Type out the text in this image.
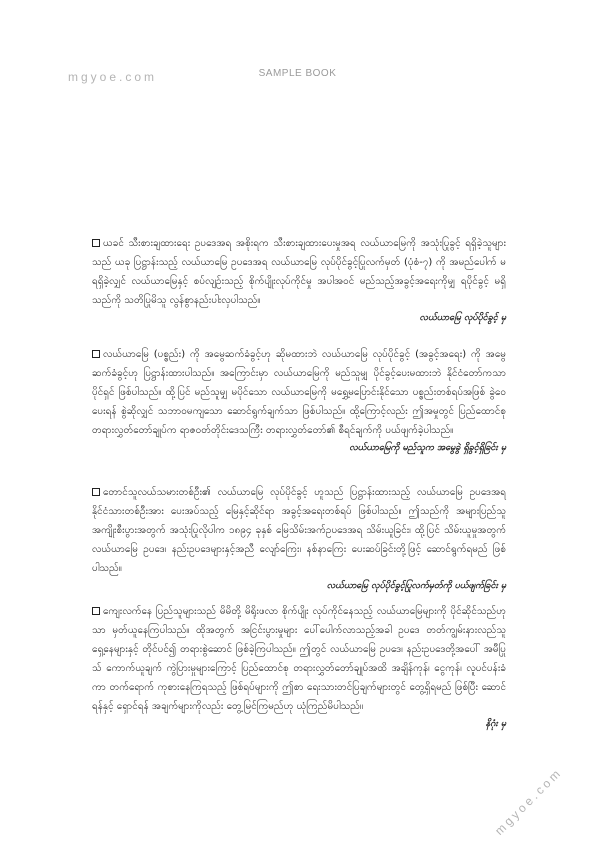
mgyoe.com	SAMPLE BOOK

ယခင် သီးစားချထားရေး ဥပဒေအရ အစိုးရက သီးစားချထားပေးမှုအရ လယ်ယာမြေကို အသုံးပြုခွင့် ရရှိခဲ့သူများသည် ယခု ပြဋ္ဌာန်းသည့် လယ်ယာမြေ ဥပဒေအရ လယ်ယာမြေ လုပ်ပိုင်ခွင့်ပြုလက်မှတ် (ပုံစံ-၇) ကို အမည်ပေါက် မရရှိခဲ့လျှင် လယ်ယာမြေနှင့် စပ်လျဉ်းသည့် စိုက်ပျိုးလုပ်ကိုင်မှု အပါအဝင် မည်သည့်အခွင့်အရေးကိုမျှ ရပိုင်ခွင့် မရှိသည်ကို သတိပြုမိသူ လွန်စွာနည်းပါးလှပါသည်။

လယ်ယာမြေ လုပ်ပိုင်ခွင့် မှ

လယ်ယာမြေ (ပစ္စည်း) ကို အမွေဆက်ခံခွင့်ဟု ဆိုမထားဘဲ လယ်ယာမြေ လုပ်ပိုင်ခွင့် (အခွင့်အရေး) ကို အမွေဆက်ခံခွင့်ဟု ပြဋ္ဌာန်းထားပါသည်။ အကြောင်းမှာ လယ်ယာမြေကို မည်သူမျှ ပိုင်ခွင့်ပေးမထားဘဲ နိုင်ငံတော်ကသာ ပိုင်ရှင် ဖြစ်ပါသည်။ ထို့ပြင် မည်သူမျှ မပိုင်သော လယ်ယာမြေကို မရွှေ့မပြောင်းနိုင်သော ပစ္စည်းတစ်ရပ်အဖြစ် ခွဲဝေပေးရန် စွဲဆိုလျှင် သဘာဝမကျသော ဆောင်ရွက်ချက်သာ ဖြစ်ပါသည်။ ထို့ကြောင့်လည်း ဤအမှုတွင် ပြည်ထောင်စု တရားလွှတ်တော်ချုပ်က ရာဇဝတ်တိုင်းဒေသကြီး တရားလွှတ်တော်၏ စီရင်ချက်ကို ပယ်ဖျက်ခဲ့ပါသည်။

လယ်ယာမြေကို မည်သူက အမွေခွဲ ရှိခွင့်ရှိခြင်း မှ

တောင်သူလယ်သမားတစ်ဦး၏ လယ်ယာမြေ လုပ်ပိုင်ခွင့် ဟူသည် ပြဋ္ဌာန်းထားသည့် လယ်ယာမြေ ဥပဒေအရ နိုင်ငံသားတစ်ဦးအား ပေးအပ်သည့် မြေနှင့်ဆိုင်ရာ အခွင့်အရေးတစ်ရပ် ဖြစ်ပါသည်။ ဤသည်ကို အများပြည်သူ အကျိုးစီးပွားအတွက် အသုံးပြုလိုပါက ၁၈၉၄ ခုနှစ် မြေသိမ်းအက်ဥပဒေအရ သိမ်းယူခြင်း၊ ထို့ပြင် သိမ်းယူမှုအတွက် လယ်ယာမြေ ဥပဒေ၊ နည်းဥပဒေများနှင့်အညီ လျော်ကြေး၊ နစ်နာကြေး ပေးဆပ်ခြင်းတို့ဖြင့် ဆောင်ရွက်ရမည် ဖြစ်ပါသည်။

လယ်ယာမြေ လုပ်ပိုင်ခွင့်ပြုလက်မှတ်ကို ပယ်ဖျက်ခြင်း မှ

ကျေးလက်နေ ပြည်သူများသည် မိမိတို့ မိရိုးဖလာ စိုက်ပျိုး လုပ်ကိုင်နေသည့် လယ်ယာမြေများကို ပိုင်ဆိုင်သည်ဟုသာ မှတ်ယူနေကြပါသည်။ ထိုအတွက် အငြင်းပွားမှုများ ပေါ်ပေါက်လာသည့်အခါ ဥပဒေ တတ်ကျွမ်းနားလည်သူ ရှေ့နေများနှင့် တိုင်ပင်၍ တရားစွဲဆောင် ဖြစ်ခဲ့ကြပါသည်။ ဤတွင် လယ်ယာမြေ ဥပဒေ၊ နည်းဥပဒေတို့အပေါ် အမီပြုသ် ကောက်ယူချက် ကွဲပြားမှုများကြောင့် ပြည်ထောင်စု တရားလွှတ်တော်ချုပ်အထိ အချိန်ကုန်၊ ငွေကုန်၊ လူပင်ပန်းခံကာ တက်ရောက် ကုစားနေကြရသည့် ဖြစ်ရပ်များကို ဤစာ ရေးသားတင်ပြချက်များတွင် တွေ့ရှိရမည် ဖြစ်ပြီး ဆောင်ရန်နှင့် ရှောင်ရန် အချက်များကိုလည်း တွေ့မြင်ကြမည်ဟု ယုံကြည်မိပါသည်။

နိဂုံး မှ

mgyoe.com
